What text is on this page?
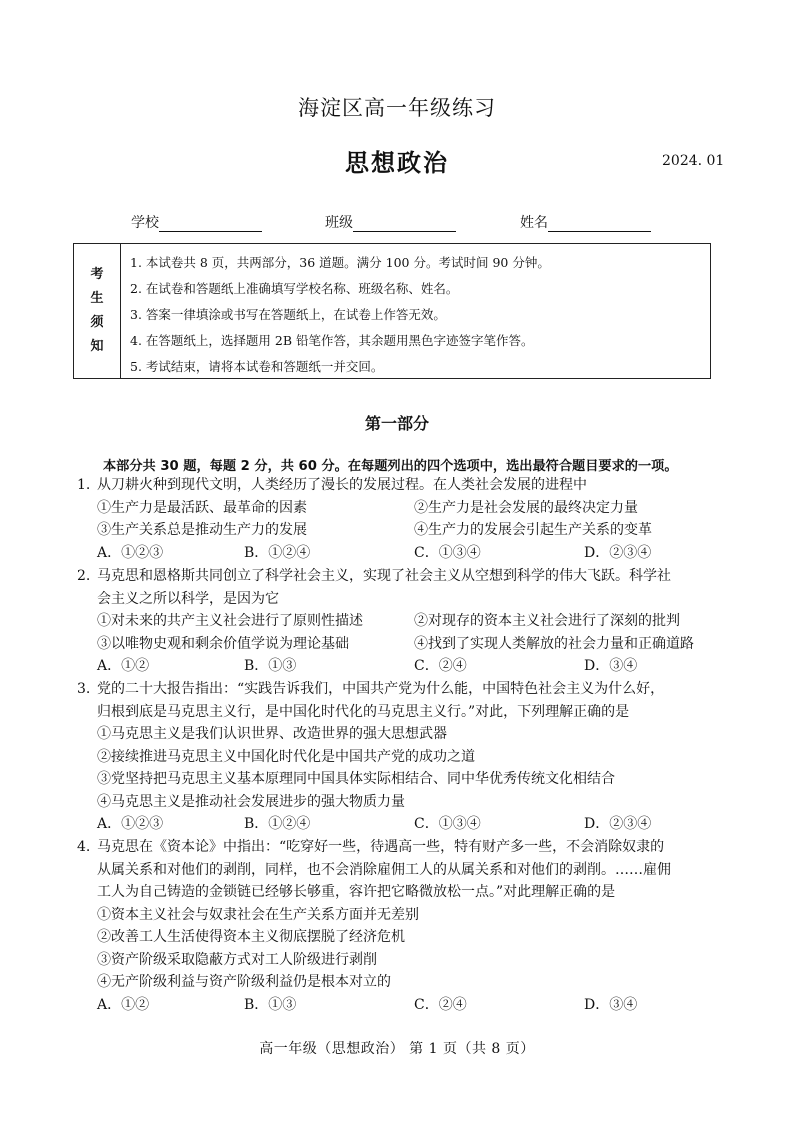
海淀区高一年级练习
思想政治	2024. 01
学校	班级	姓名
考
生
须
知
1. 本试卷共 8 页，共两部分，36 道题。满分 100 分。考试时间 90 分钟。
2. 在试卷和答题纸上准确填写学校名称、班级名称、姓名。
3. 答案一律填涂或书写在答题纸上，在试卷上作答无效。
4. 在答题纸上，选择题用 2B 铅笔作答，其余题用黑色字迹签字笔作答。
5. 考试结束，请将本试卷和答题纸一并交回。
第一部分
本部分共 30 题，每题 2 分，共 60 分。在每题列出的四个选项中，选出最符合题目要求的一项。
1. 从刀耕火种到现代文明，人类经历了漫长的发展过程。在人类社会发展的进程中
①生产力是最活跃、最革命的因素	②生产力是社会发展的最终决定力量
③生产关系总是推动生产力的发展	④生产力的发展会引起生产关系的变革
A．①②③	B．①②④	C．①③④	D．②③④
2. 马克思和恩格斯共同创立了科学社会主义，实现了社会主义从空想到科学的伟大飞跃。科学社
会主义之所以科学，是因为它
①对未来的共产主义社会进行了原则性描述	②对现存的资本主义社会进行了深刻的批判
③以唯物史观和剩余价值学说为理论基础	④找到了实现人类解放的社会力量和正确道路
A．①②	B．①③	C．②④	D．③④
3. 党的二十大报告指出：“实践告诉我们，中国共产党为什么能，中国特色社会主义为什么好，
归根到底是马克思主义行，是中国化时代化的马克思主义行。”对此，下列理解正确的是
①马克思主义是我们认识世界、改造世界的强大思想武器
②接续推进马克思主义中国化时代化是中国共产党的成功之道
③党坚持把马克思主义基本原理同中国具体实际相结合、同中华优秀传统文化相结合
④马克思主义是推动社会发展进步的强大物质力量
A．①②③	B．①②④	C．①③④	D．②③④
4. 马克思在《资本论》中指出：“吃穿好一些，待遇高一些，特有财产多一些，不会消除奴隶的
从属关系和对他们的剥削，同样，也不会消除雇佣工人的从属关系和对他们的剥削。……雇佣
工人为自己铸造的金锁链已经够长够重，容许把它略微放松一点。”对此理解正确的是
①资本主义社会与奴隶社会在生产关系方面并无差别
②改善工人生活使得资本主义彻底摆脱了经济危机
③资产阶级采取隐蔽方式对工人阶级进行剥削
④无产阶级利益与资产阶级利益仍是根本对立的
A．①②	B．①③	C．②④	D．③④
高一年级（思想政治） 第 1 页（共 8 页）
